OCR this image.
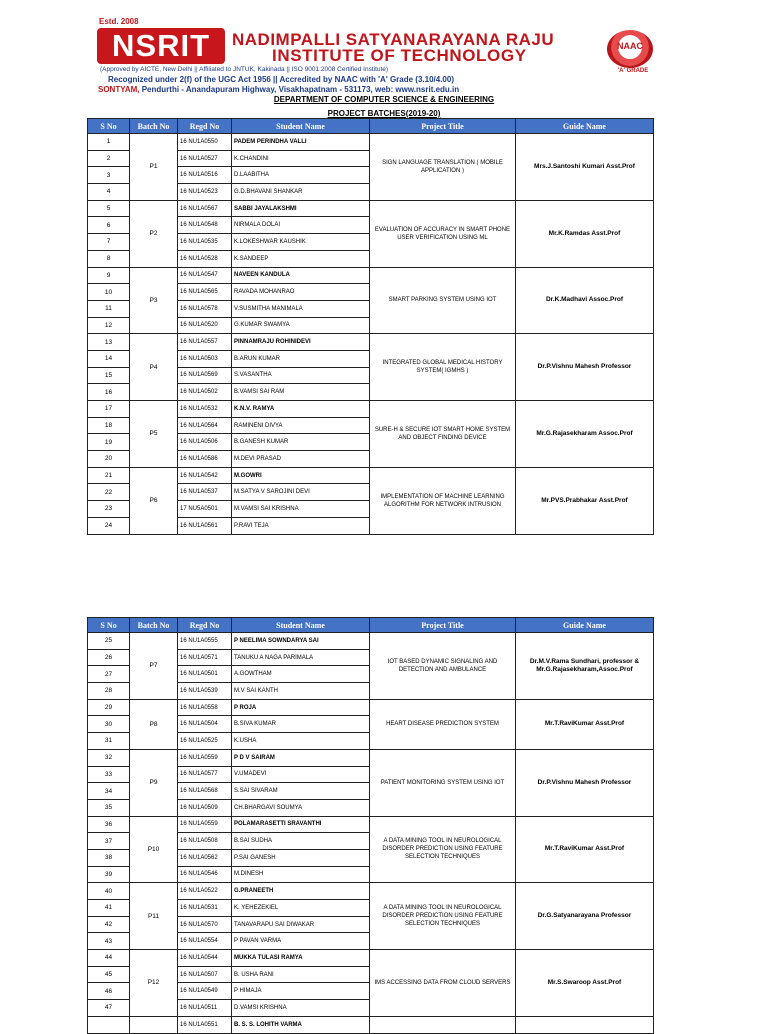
Estd. 2008
NSRIT	NADIMPALLI SATYANARAYANA RAJU
INSTITUTE OF TECHNOLOGY
(Approved by AICTE, New Delhi || Affiliated to JNTUK, Kakinada || ISO 9001:2008 Certified Institute)
Recognized under 2(f) of the UGC Act 1956 || Accredited by NAAC with 'A' Grade (3.10/4.00)
SONTYAM, Pendurthi - Anandapuram Highway, Visakhapatnam - 531173, web: www.nsrit.edu.in
NAAC
'A' GRADE
DEPARTMENT OF COMPUTER SCIENCE & ENGINEERING
PROJECT BATCHES(2019-20)
S No	Batch No	Regd No	Student Name	Project Title	Guide Name
1	P1	16 NU1A0550	PADEM PERINDHA VALLI	SIGN LANGUAGE TRANSLATION ( MOBILE APPLICATION )	Mrs.J.Santoshi Kumari Asst.Prof
2		16 NU1A0527	K.CHANDINI		
3		16 NU1A0516	D.LAABITHA		
4		16 NU1A0523	G.D.BHAVANI SHANKAR		
5	P2	16 NU1A0567	SABBI JAYALAKSHMI	EVALUATION OF ACCURACY IN SMART PHONE USER VERIFICATION USING ML	Mr.K.Ramdas Asst.Prof
6		16 NU1A0548	NIRMALA DOLAI		
7		16 NU1A0535	K.LOKESHWAR KAUSHIK		
8		16 NU1A0528	K.SANDEEP		
9	P3	16 NU1A0547	NAVEEN KANDULA	SMART PARKING SYSTEM USING IOT	Dr.K.Madhavi Assoc.Prof
10		16 NU1A0565	RAVADA MOHANRAO		
11		16 NU1A0578	V.SUSMITHA MANIMALA		
12		16 NU1A0520	G.KUMAR SWAMYA		
13	P4	16 NU1A0557	PINNAMRAJU ROHINIDEVI	INTEGRATED GLOBAL MEDICAL HISTORY SYSTEM( IGMHS )	Dr.P.Vishnu Mahesh Professor
14		16 NU1A0503	B.ARUN KUMAR		
15		16 NU1A0569	S.VASANTHA		
16		16 NU1A0502	B.VAMSI SAI RAM		
17	P5	16 NU1A0532	K.N.V. RAMYA	SURE-H & SECURE IOT SMART HOME SYSTEM AND OBJECT FINDING DEVICE	Mr.G.Rajasekharam Assoc.Prof
18		16 NU1A0564	RAMINENI DIVYA		
19		16 NU1A0506	B.GANESH KUMAR		
20		16 NU1A0586	M.DEVI PRASAD		
21	P6	16 NU1A0542	M.GOWRI	IMPLEMENTATION OF MACHINE LEARNING ALGORITHM FOR NETWORK INTRUSION	Mr.PVS.Prabhakar Asst.Prof
22		16 NU1A0537	M.SATYA V SAROJINI DEVI		
23		17 NU5A0501	M.VAMSI SAI KRISHNA		
24		16 NU1A0561	P.RAVI TEJA		
S No	Batch No	Regd No	Student Name	Project Title	Guide Name
25	P7	16 NU1A0555	P NEELIMA SOWNDARYA SAI	IOT BASED DYNAMIC SIGNALING AND DETECTION AND AMBULANCE	Dr.M.V.Rama Sundhari, professor & Mr.G.Rajasekharam,Assoc.Prof
26		16 NU1A0571	TANUKU A NAGA PARIMALA		
27		16 NU1A0501	A.GOWTHAM		
28		16 NU1A0539	M.V SAI KANTH		
29	P8	16 NU1A0558	P ROJA	HEART DISEASE PREDICTION SYSTEM	Mr.T.RaviKumar Asst.Prof
30		16 NU1A0504	B.SIVA KUMAR		
31		16 NU1A0525	K.USHA		
32	P9	16 NU1A0559	P D V SAIRAM	PATIENT MONITORING SYSTEM USING IOT	Dr.P.Vishnu Mahesh Professor
33		16 NU1A0577	V.UMADEVI		
34		16 NU1A0568	S.SAI SIVARAM		
35		16 NU1A0509	CH.BHARGAVI SOUMYA		
36	P10	16 NU1A0559	POLAMARASETTI SRAVANTHI	A DATA MINING TOOL IN NEUROLOGICAL DISORDER PREDICTION USING FEATURE SELECTION TECHNIQUES	Mr.T.RaviKumar Asst.Prof
37		16 NU1A0508	B.SAI SUDHA		
38		16 NU1A0562	P.SAI GANESH		
39		16 NU1A0546	M.DINESH		
40	P11	16 NU1A0522	G.PRANEETH	A DATA MINING TOOL IN NEUROLOGICAL DISORDER PREDICTION USING FEATURE SELECTION TECHNIQUES	Dr.G.Satyanarayana Professor
41		16 NU1A0531	K. YEHEZEKIEL		
42		16 NU1A0570	TANAVARAPU SAI DIWAKAR		
43		16 NU1A0554	P PAVAN VARMA		
44	P12	16 NU1A0544	MUKKA TULASI RAMYA	IMS ACCESSING DATA FROM CLOUD SERVERS	Mr.S.Swaroop Asst.Prof
45		16 NU1A0507	B. USHA RANI		
46		16 NU1A0549	P HIMAJA		
47		16 NU1A0511	D.VAMSI KRISHNA		
		16 NU1A0551	B. S. S. LOHITH VARMA		
